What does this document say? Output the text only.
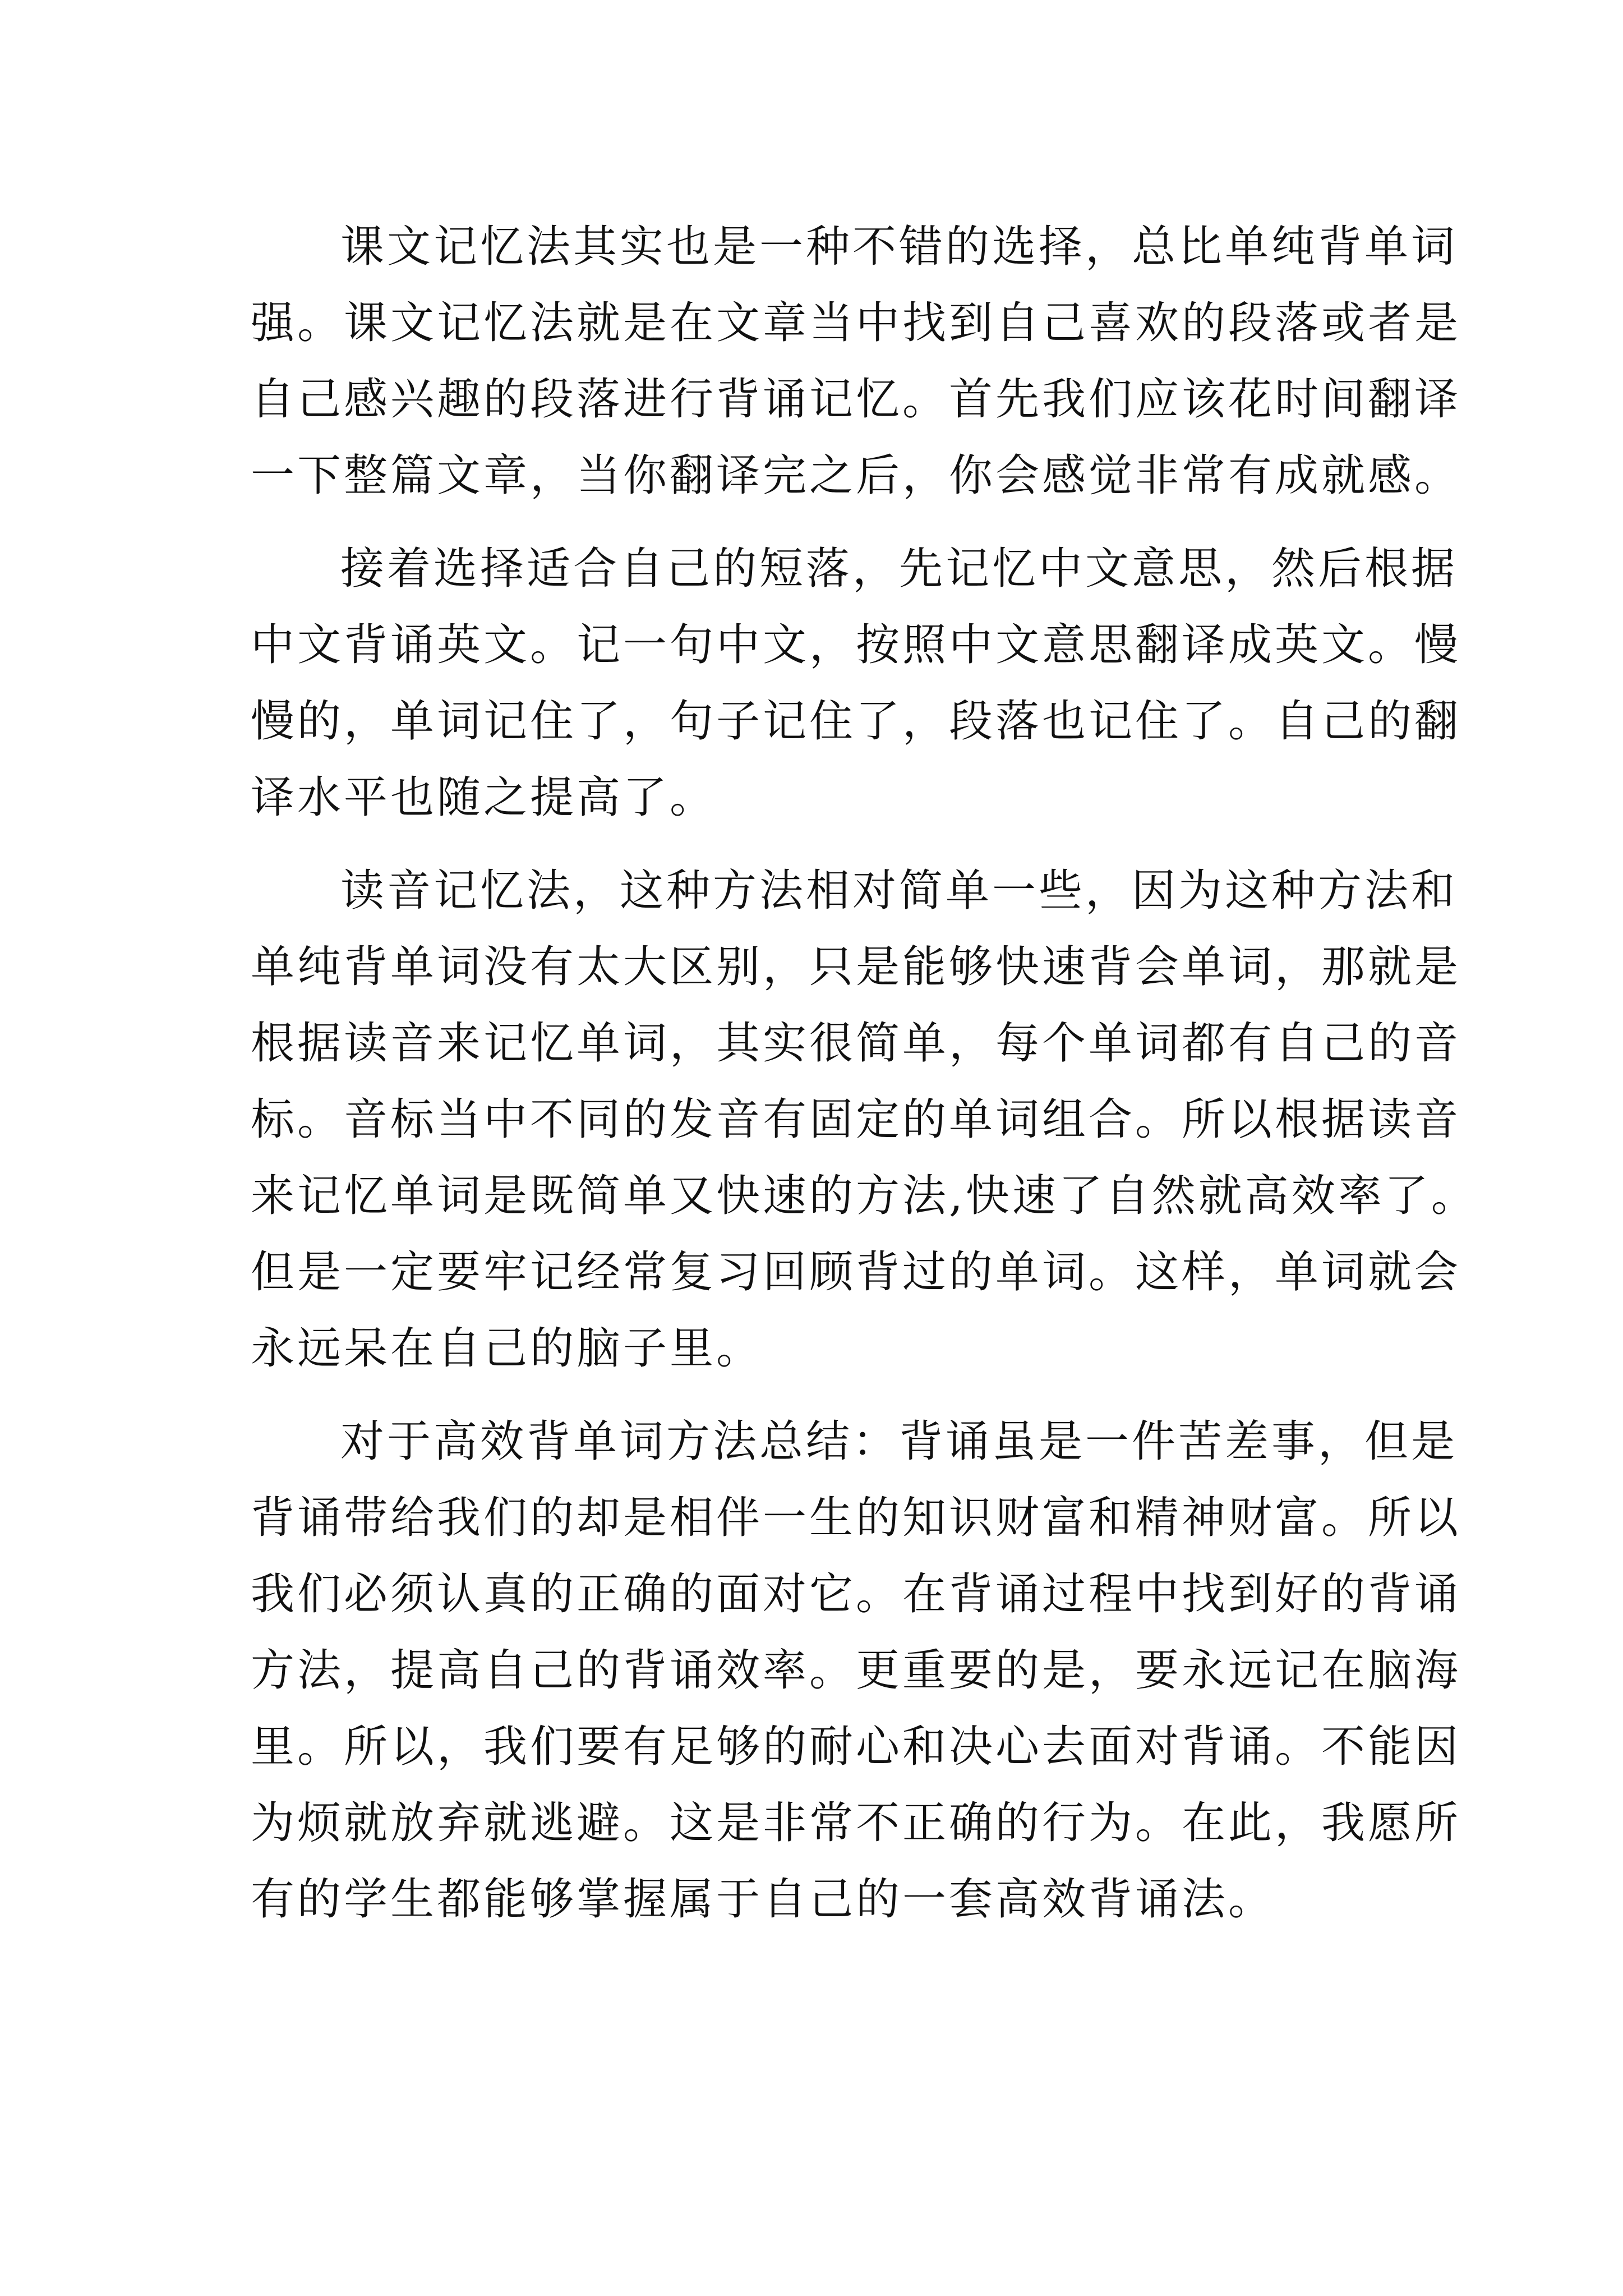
课文记忆法其实也是一种不错的选择，总比单纯背单词
强。课文记忆法就是在文章当中找到自己喜欢的段落或者是
自己感兴趣的段落进行背诵记忆。首先我们应该花时间翻译
一下整篇文章，当你翻译完之后，你会感觉非常有成就感。
接着选择适合自己的短落，先记忆中文意思，然后根据
中文背诵英文。记一句中文，按照中文意思翻译成英文。慢
慢的，单词记住了，句子记住了，段落也记住了。自己的翻
译水平也随之提高了。
读音记忆法，这种方法相对简单一些，因为这种方法和
单纯背单词没有太大区别，只是能够快速背会单词，那就是
根据读音来记忆单词，其实很简单，每个单词都有自己的音
标。音标当中不同的发音有固定的单词组合。所以根据读音
来记忆单词是既简单又快速的方法,快速了自然就高效率了。
但是一定要牢记经常复习回顾背过的单词。这样，单词就会
永远呆在自己的脑子里。
对于高效背单词方法总结：背诵虽是一件苦差事，但是
背诵带给我们的却是相伴一生的知识财富和精神财富。所以
我们必须认真的正确的面对它。在背诵过程中找到好的背诵
方法，提高自己的背诵效率。更重要的是，要永远记在脑海
里。所以，我们要有足够的耐心和决心去面对背诵。不能因
为烦就放弃就逃避。这是非常不正确的行为。在此，我愿所
有的学生都能够掌握属于自己的一套高效背诵法。
